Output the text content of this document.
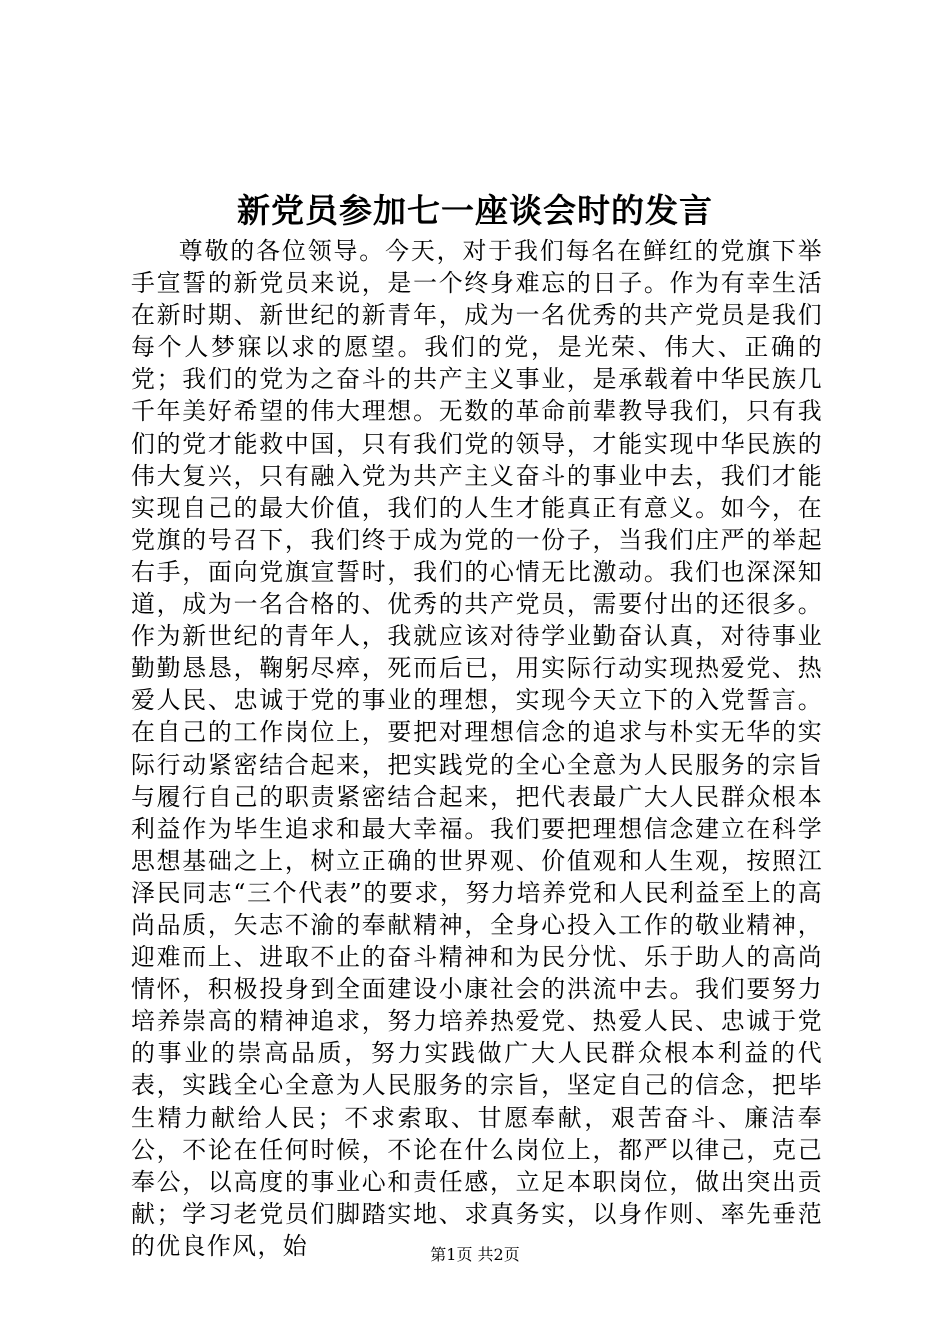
新党员参加七一座谈会时的发言

尊敬的各位领导。今天，对于我们每名在鲜红的党旗下举手宣誓的新党员来说，是一个终身难忘的日子。作为有幸生活在新时期、新世纪的新青年，成为一名优秀的共产党员是我们每个人梦寐以求的愿望。我们的党，是光荣、伟大、正确的党；我们的党为之奋斗的共产主义事业，是承载着中华民族几千年美好希望的伟大理想。无数的革命前辈教导我们，只有我们的党才能救中国，只有我们党的领导，才能实现中华民族的伟大复兴，只有融入党为共产主义奋斗的事业中去，我们才能实现自己的最大价值，我们的人生才能真正有意义。如今，在党旗的号召下，我们终于成为党的一份子，当我们庄严的举起右手，面向党旗宣誓时，我们的心情无比激动。我们也深深知道，成为一名合格的、优秀的共产党员，需要付出的还很多。作为新世纪的青年人，我就应该对待学业勤奋认真，对待事业勤勤恳恳，鞠躬尽瘁，死而后已，用实际行动实现热爱党、热爱人民、忠诚于党的事业的理想，实现今天立下的入党誓言。在自己的工作岗位上，要把对理想信念的追求与朴实无华的实际行动紧密结合起来，把实践党的全心全意为人民服务的宗旨与履行自己的职责紧密结合起来，把代表最广大人民群众根本利益作为毕生追求和最大幸福。我们要把理想信念建立在科学思想基础之上，树立正确的世界观、价值观和人生观，按照江泽民同志“三个代表”的要求，努力培养党和人民利益至上的高尚品质，矢志不渝的奉献精神，全身心投入工作的敬业精神，迎难而上、进取不止的奋斗精神和为民分忧、乐于助人的高尚情怀，积极投身到全面建设小康社会的洪流中去。我们要努力培养崇高的精神追求，努力培养热爱党、热爱人民、忠诚于党的事业的崇高品质，努力实践做广大人民群众根本利益的代表，实践全心全意为人民服务的宗旨，坚定自己的信念，把毕生精力献给人民；不求索取、甘愿奉献，艰苦奋斗、廉洁奉公，不论在任何时候，不论在什么岗位上，都严以律己，克己奉公，以高度的事业心和责任感，立足本职岗位，做出突出贡献；学习老党员们脚踏实地、求真务实，以身作则、率先垂范的优良作风，始	第1页 共2页
